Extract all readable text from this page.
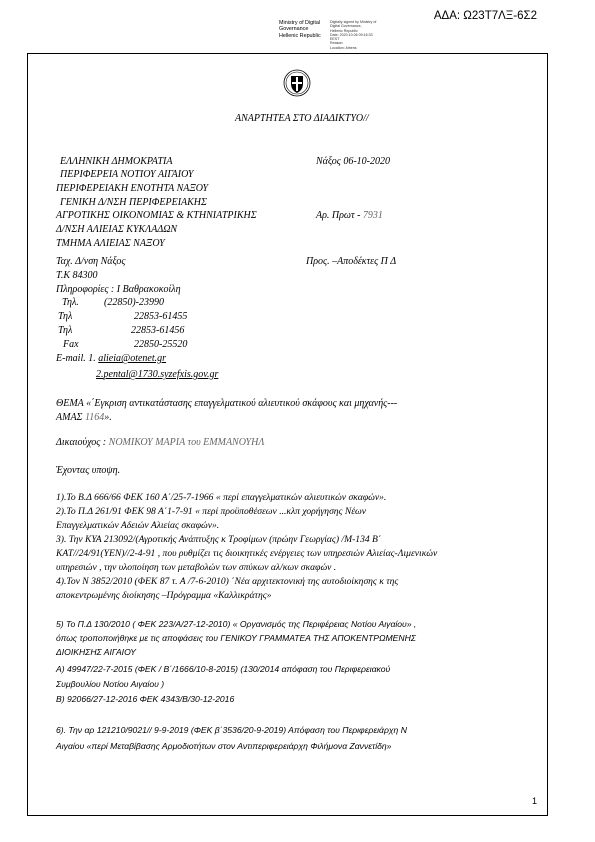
ΑΔΑ: Ω23Τ7ΛΞ-6Σ2
Ministry of Digital
Governance
Hellenic Republic
Digitally signed by Ministry of
Digital Governance,
Hellenic Republic
Date: 2020.10.06 09:16:33
EEST
Reason:
Location: Athens
ΑΝΑΡΤΗΤΕΑ ΣΤΟ ΔΙΑΔΙΚΤΥΟ//
ΕΛΛΗΝΙΚΗ ΔΗΜΟΚΡΑΤΙΑ
ΠΕΡΙΦΕΡΕΙΑ ΝΟΤΙΟΥ ΑΙΓΑΙΟΥ
ΠΕΡΙΦΕΡΕΙΑΚΗ ΕΝΟΤΗΤΑ ΝΑΞΟΥ
ΓΕΝΙΚΗ Δ/ΝΣΗ ΠΕΡΙΦΕΡΕΙΑΚΗΣ
ΑΓΡΟΤΙΚΗΣ ΟΙΚΟΝΟΜΙΑΣ & ΚΤΗΝΙΑΤΡΙΚΗΣ
Δ/ΝΣΗ ΑΛΙΕΙΑΣ ΚΥΚΛΑΔΩΝ
ΤΜΗΜΑ ΑΛΙΕΙΑΣ ΝΑΞΟΥ
Ταχ. Δ/νση Νάξος
Τ.Κ 84300
Πληροφορίες : Ι Βαθρακοκοίλη
Νάξος 06-10-2020
Αρ. Πρωτ - 7931
Προς. –Αποδέκτες Π Δ
Τηλ.	(22850)-23990
Τηλ	22853-61455
Τηλ	22853-61456
Fax	22850-25520
E-mail. 1. alieia@otenet.gr
2.pental@1730.syzefxis.gov.gr
ΘΕΜΑ «΄Εγκριση αντικατάστασης επαγγελματικού αλιευτικού σκάφους και μηχανής---
ΑΜΑΣ 1164».
Δικαιούχος : ΝΟΜΙΚΟΥ ΜΑΡΙΑ του ΕΜΜΑΝΟΥΗΛ
Έχοντας υποψη.
1).Το Β.Δ 666/66 ΦΕΚ 160 Α΄/25-7-1966 « περί επαγγελματικών αλιευτικών σκαφών».
2).Το Π.Δ 261/91 ΦΕΚ 98 Α΄1-7-91 « περί προϋποθέσεων ...κλπ χορήγησης Νέων
Επαγγελματικών Αδειών Αλιείας σκαφών».
3). Την ΚΥΑ 213092/(Αγροτικής Ανάπτυξης κ Τροφίμων (πρώην Γεωργίας) /Μ-134 Β΄
ΚΑΤ//24/91(ΥΕΝ)//2-4-91 , που ρυθμίζει τις διοικητικές ενέργειες των υπηρεσιών Αλιείας-Λιμενικών
υπηρεσιών , την υλοποίηση των μεταβολών των σπύκων αλ/κων σκαφών .
4).Τον Ν 3852/2010 (ΦΕΚ 87 τ. Α /7-6-2010) ΄Νέα αρχιτεκτονική της αυτοδιοίκησης κ της
αποκεντρωμένης διοίκησης –Πρόγραμμα «Καλλικράτης»
5) Το Π.Δ 130/2010 ( ΦΕΚ 223/Α/27-12-2010) « Οργανισμός της Περιφέρειας Νοτίου Αιγαίου» ,
όπως τροποποιήθηκε με τις αποφάσεις του ΓΕΝΙΚΟΥ ΓΡΑΜΜΑΤΕΑ ΤΗΣ ΑΠΟΚΕΝΤΡΩΜΕΝΗΣ
ΔΙΟΙΚΗΣΗΣ ΑΙΓΑΙΟΥ
Α) 49947/22-7-2015 (ΦΕΚ / Β΄/1666/10-8-2015) (130/2014 απόφαση του Περιφερειακού
Συμβουλίου Νοτίου Αιγαίου )
Β) 92066/27-12-2016 ΦΕΚ 4343/Β/30-12-2016
6). Την αρ 121210/9021// 9-9-2019 (ΦΕΚ β΄3536/20-9-2019) Απόφαση του Περιφερειάρχη Ν
Αιγαίου «περί Μεταβίβασης Αρμοδιοτήτων στον Αντιπεριφερειάρχη Φιλήμονα Ζαννετίδη»
1
